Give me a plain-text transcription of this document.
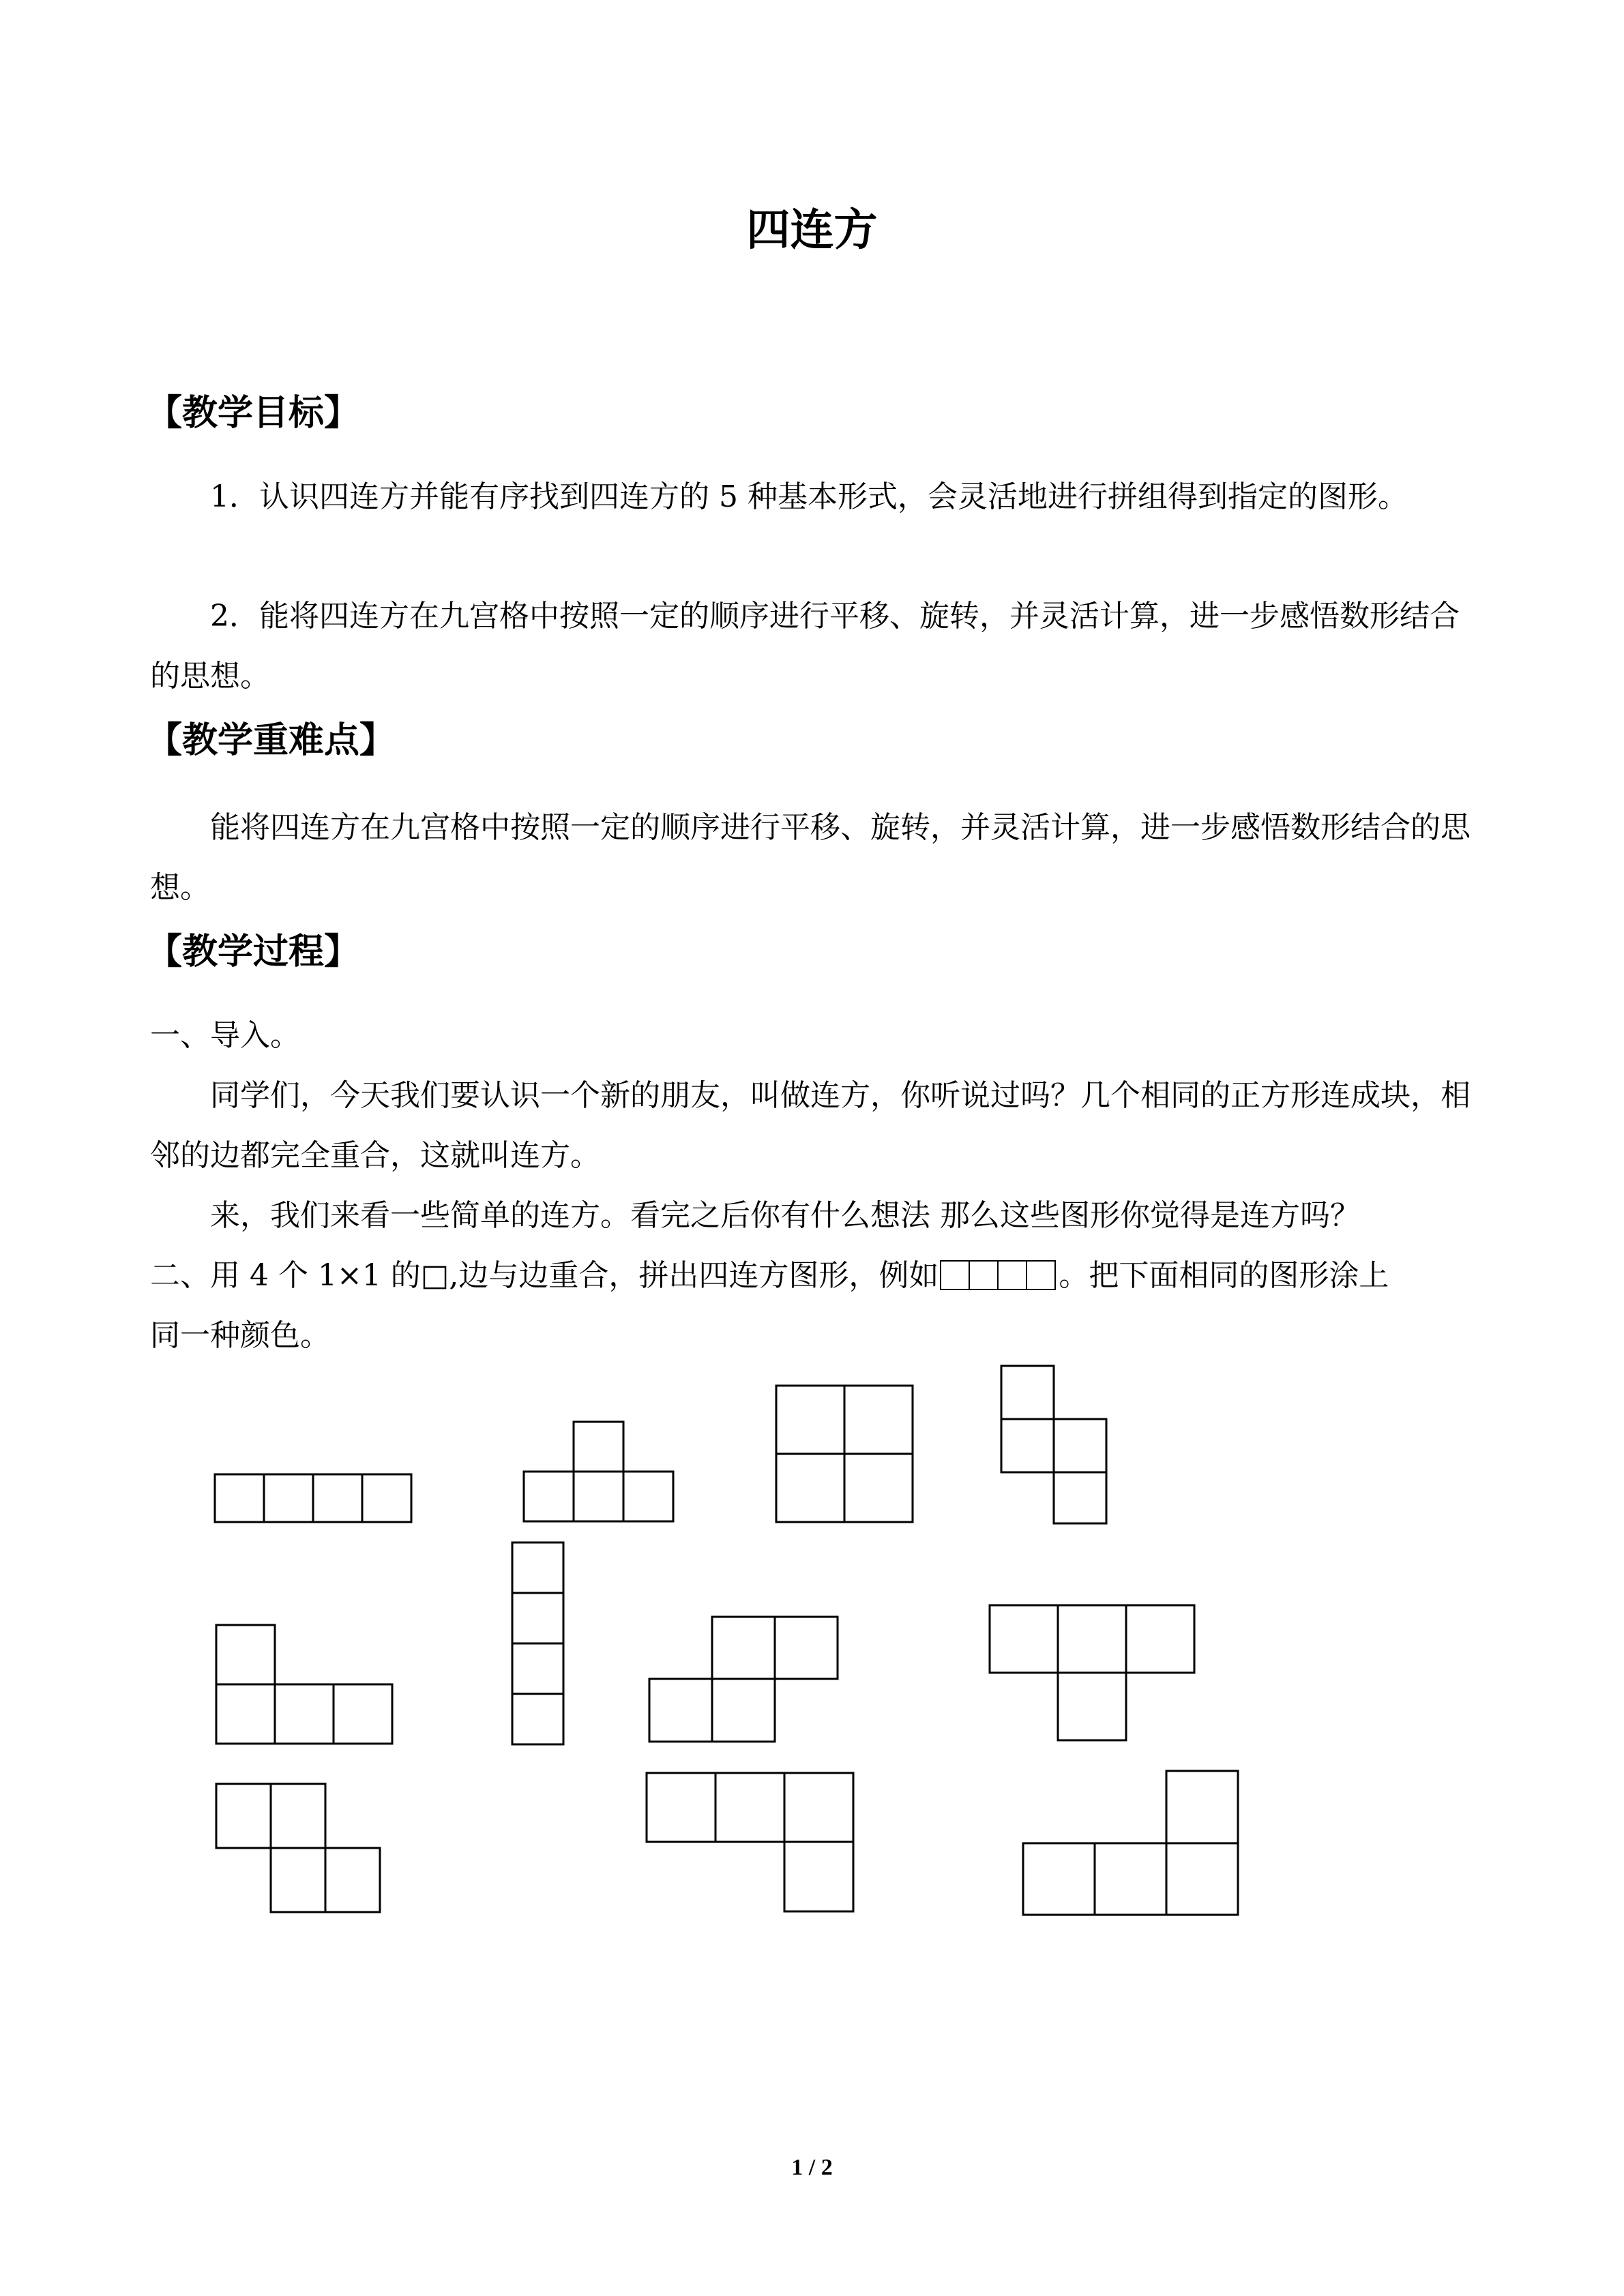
四连方
【教学目标】
1．认识四连方并能有序找到四连方的 5 种基本形式，会灵活地进行拼组得到指定的图形。
2．能将四连方在九宫格中按照一定的顺序进行平移、旋转，并灵活计算，进一步感悟数形结合的思想。
【教学重难点】
能将四连方在九宫格中按照一定的顺序进行平移、旋转，并灵活计算，进一步感悟数形结合的思想。
【教学过程】
一、导入。
同学们，今天我们要认识一个新的朋友，叫做连方，你听说过吗？几个相同的正方形连成块，相邻的边都完全重合，这就叫连方。
来，我们来看一些简单的连方。看完之后你有什么想法 那么这些图形你觉得是连方吗？
二、用 4 个 1×1 的□,边与边重合，拼出四连方图形，例如	。把下面相同的图形涂上
同一种颜色。
1 / 2
